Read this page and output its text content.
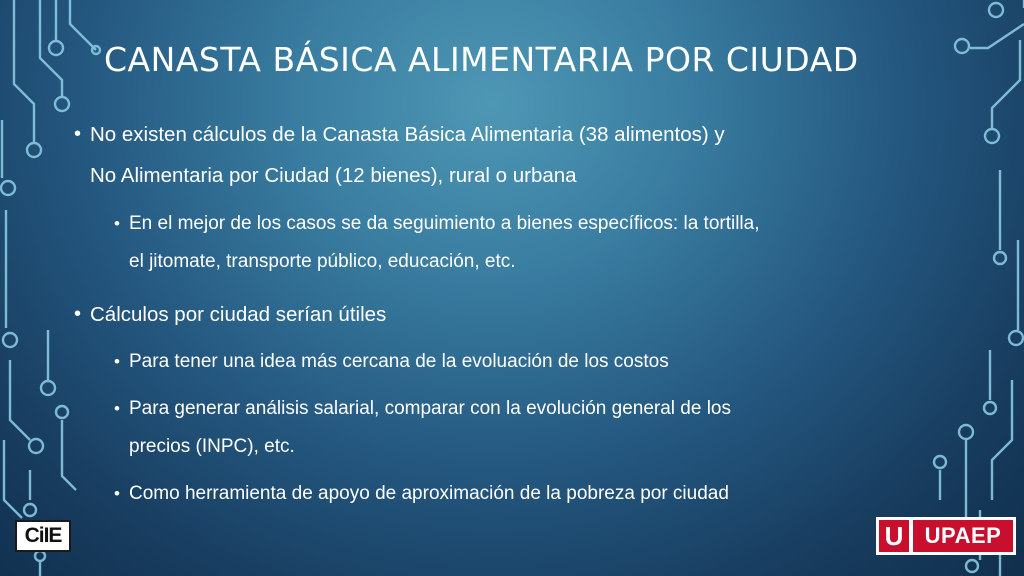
CANASTA BÁSICA ALIMENTARIA POR CIUDAD
• No existen cálculos de la Canasta Básica Alimentaria (38 alimentos) y
No Alimentaria por Ciudad (12 bienes), rural o urbana
• En el mejor de los casos se da seguimiento a bienes específicos: la tortilla,
el jitomate, transporte público, educación, etc.
• Cálculos por ciudad serían útiles
• Para tener una idea más cercana de la evoluación de los costos
• Para generar análisis salarial, comparar con la evolución general de los
precios (INPC), etc.
• Como herramienta de apoyo de aproximación de la pobreza por ciudad
CiIE	U UPAEP
